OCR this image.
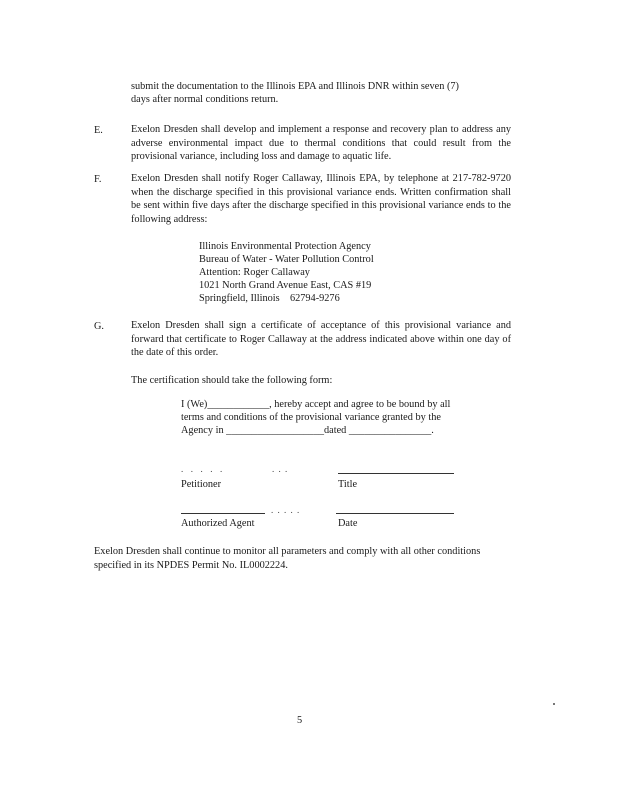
submit the documentation to the Illinois EPA and Illinois DNR within seven (7)
days after normal conditions return.
E.	Exelon Dresden shall develop and implement a response and recovery plan to address any adverse environmental impact due to thermal conditions that could result from the provisional variance, including loss and damage to aquatic life.
F.	Exelon Dresden shall notify Roger Callaway, Illinois EPA, by telephone at 217-782-9720 when the discharge specified in this provisional variance ends. Written confirmation shall be sent within five days after the discharge specified in this provisional variance ends to the following address:
Illinois Environmental Protection Agency
Bureau of Water - Water Pollution Control
Attention: Roger Callaway
1021 North Grand Avenue East, CAS #19
Springfield, Illinois    62794-9276
G.	Exelon Dresden shall sign a certificate of acceptance of this provisional variance and forward that certificate to Roger Callaway at the address indicated above within one day of the date of this order.
The certification should take the following form:
I (We)____________, hereby accept and agree to be bound by all
terms and conditions of the provisional variance granted by the
Agency in ___________________dated ________________.
.  .  .  .  .               . . .
Petitioner	Title
. . . . .
Authorized Agent	Date
Exelon Dresden shall continue to monitor all parameters and comply with all other conditions specified in its NPDES Permit No. IL0002224.
5
